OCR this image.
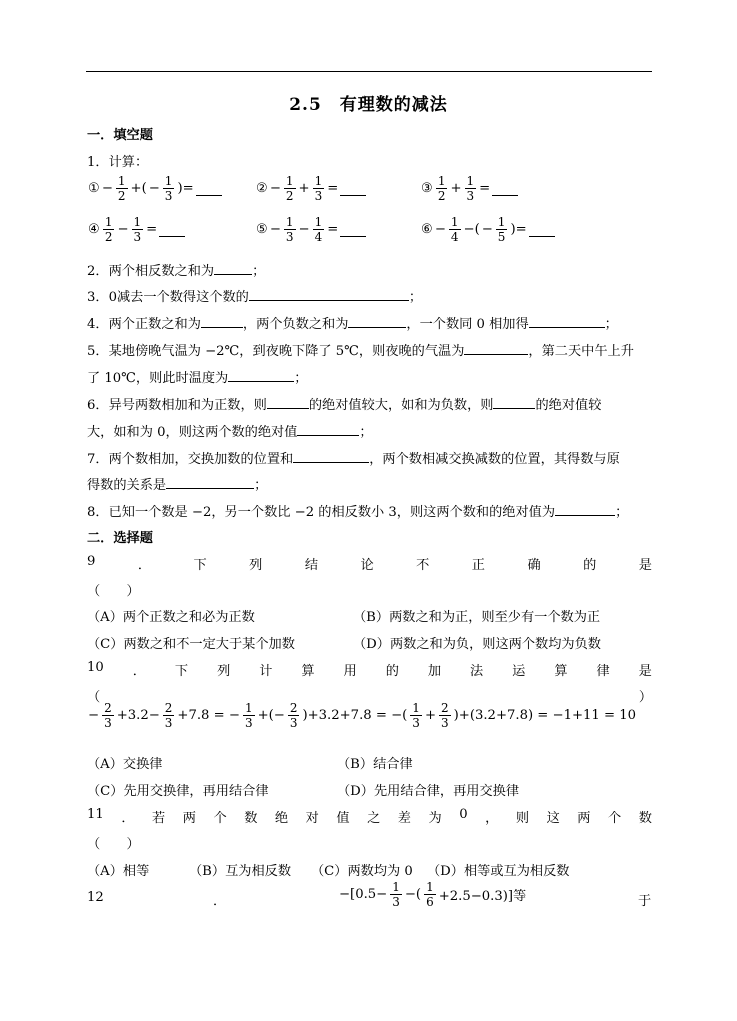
2.5　有理数的减法
一．填空题
1．计算：
① − $\frac{1}{2}$ +( − $\frac{1}{3}$ )=	② − $\frac{1}{2} + \frac{1}{3}$ =	③ $\frac{1}{2} + \frac{1}{3}$ =
④ $\frac{1}{2} - \frac{1}{3}$ =	⑤ − $\frac{1}{3} - \frac{1}{4}$ =	⑥ − $\frac{1}{4}$ −( − $\frac{1}{5}$ )=
2．两个相反数之和为	；
3．0减去一个数得这个数的	；
4．两个正数之和为	，两个负数之和为	，一个数同 0 相加得	；
5．某地傍晚气温为 −2℃，到夜晚下降了 5℃，则夜晚的气温为	，第二天中午上升
了 10℃，则此时温度为	；
6．异号两数相加和为正数，则	的绝对值较大，如和为负数，则	的绝对值较
大，如和为 0，则这两个数的绝对值	；
7．两个数相加，交换加数的位置和	，两个数相减交换减数的位置，其得数与原
得数的关系是	；
8．已知一个数是 −2，另一个数比 −2 的相反数小 3，则这两个数和的绝对值为	；
二．选择题
9	．	下	列	结	论	不	正	确	的	是
（　　）
（A）两个正数之和必为正数	（B）两数之和为正，则至少有一个数为正
（C）两数之和不一定大于某个加数	（D）两数之和为负，则这两个数均为负数
10 ． 下 列 计 算 用 的 加 法 运 算 律 是
（	）
− $\frac{2}{3} +3.2- \frac{2}{3} +7.8$ = − $\frac{1}{3}$ +(− $\frac{2}{3} )+3.2+7.8$ = −( $\frac{1}{3} + \frac{2}{3} )+(3.2+7.8) = -1+11 = 10$
（A）交换律	（B）结合律
（C）先用交换律，再用结合律	（D）先用结合律，再用交换律
11 ． 若 两 个 数 绝 对 值 之 差 为 0 ， 则 这 两 个 数
（　　）
（A）相等	（B）互为相反数 （C）两数均为 0 （D）相等或互为相反数
12	．	$-[0.5- \frac{1}{3}$ −( $\frac{1}{6} +2.5-0.3$)]等	于
